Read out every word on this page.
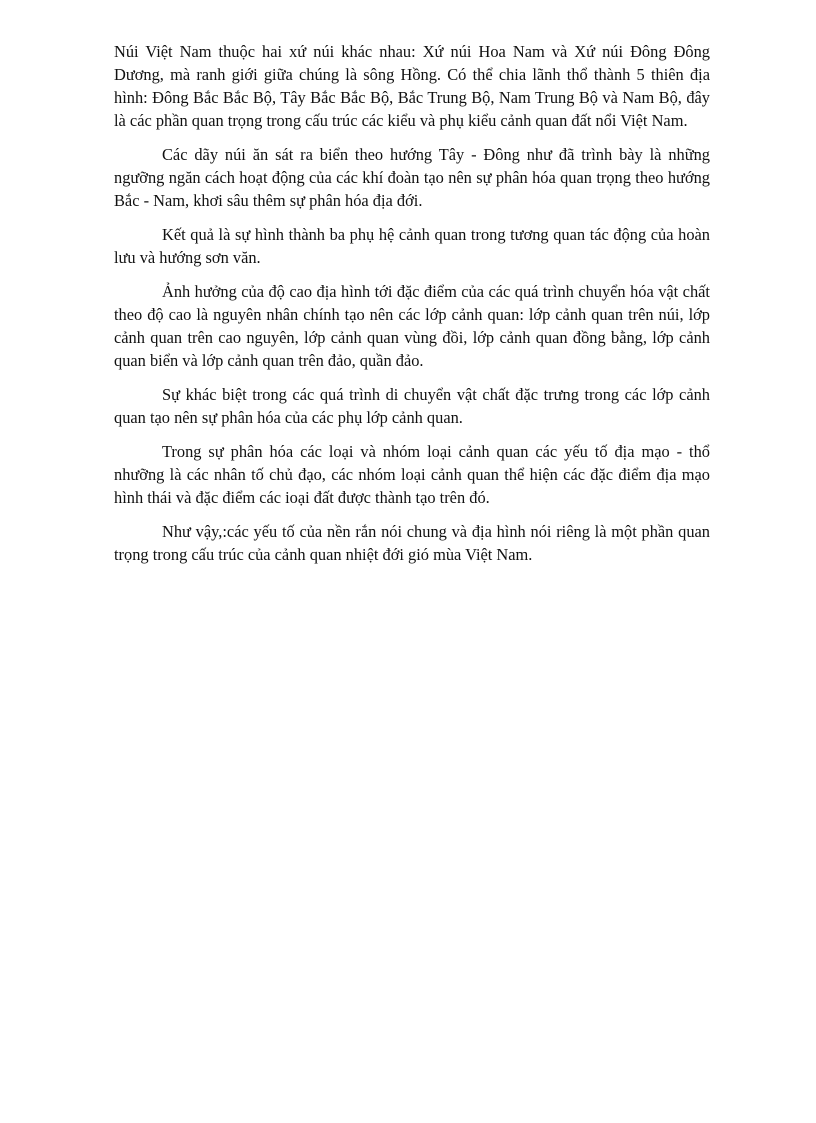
Núi Việt Nam thuộc hai xứ núi khác nhau: Xứ núi Hoa Nam và Xứ núi Đông Đông Dương, mà ranh giới giữa chúng là sông Hồng. Có thể chia lãnh thổ thành 5 thiên địa hình: Đông Bắc Bắc Bộ, Tây Bắc Bắc Bộ, Bắc Trung Bộ, Nam Trung Bộ và Nam Bộ, đây là các phần quan trọng trong cấu trúc các kiểu và phụ kiểu cảnh quan đất nổi Việt Nam.

Các dãy núi ăn sát ra biển theo hướng Tây - Đông như đã trình bày là những ngưỡng ngăn cách hoạt động của các khí đoàn tạo nên sự phân hóa quan trọng theo hướng Bắc - Nam, khơi sâu thêm sự phân hóa địa đới.

Kết quả là sự hình thành ba phụ hệ cảnh quan trong tương quan tác động của hoàn lưu và hướng sơn văn.

Ảnh hưởng của độ cao địa hình tới đặc điểm của các quá trình chuyển hóa vật chất theo độ cao là nguyên nhân chính tạo nên các lớp cảnh quan: lớp cảnh quan trên núi, lớp cảnh quan trên cao nguyên, lớp cảnh quan vùng đồi, lớp cảnh quan đồng bằng, lớp cảnh quan biển và lớp cảnh quan trên đảo, quần đảo.

Sự khác biệt trong các quá trình di chuyển vật chất đặc trưng trong các lớp cảnh quan tạo nên sự phân hóa của các phụ lớp cảnh quan.

Trong sự phân hóa các loại và nhóm loại cảnh quan các yếu tố địa mạo - thổ nhưỡng là các nhân tố chủ đạo, các nhóm loại cảnh quan thể hiện các đặc điểm địa mạo hình thái và đặc điểm các ioại đất được thành tạo trên đó.

Như vậy,:các yếu tố của nền rắn nói chung và địa hình nói riêng là một phần quan trọng trong cấu trúc của cảnh quan nhiệt đới gió mùa Việt Nam.
